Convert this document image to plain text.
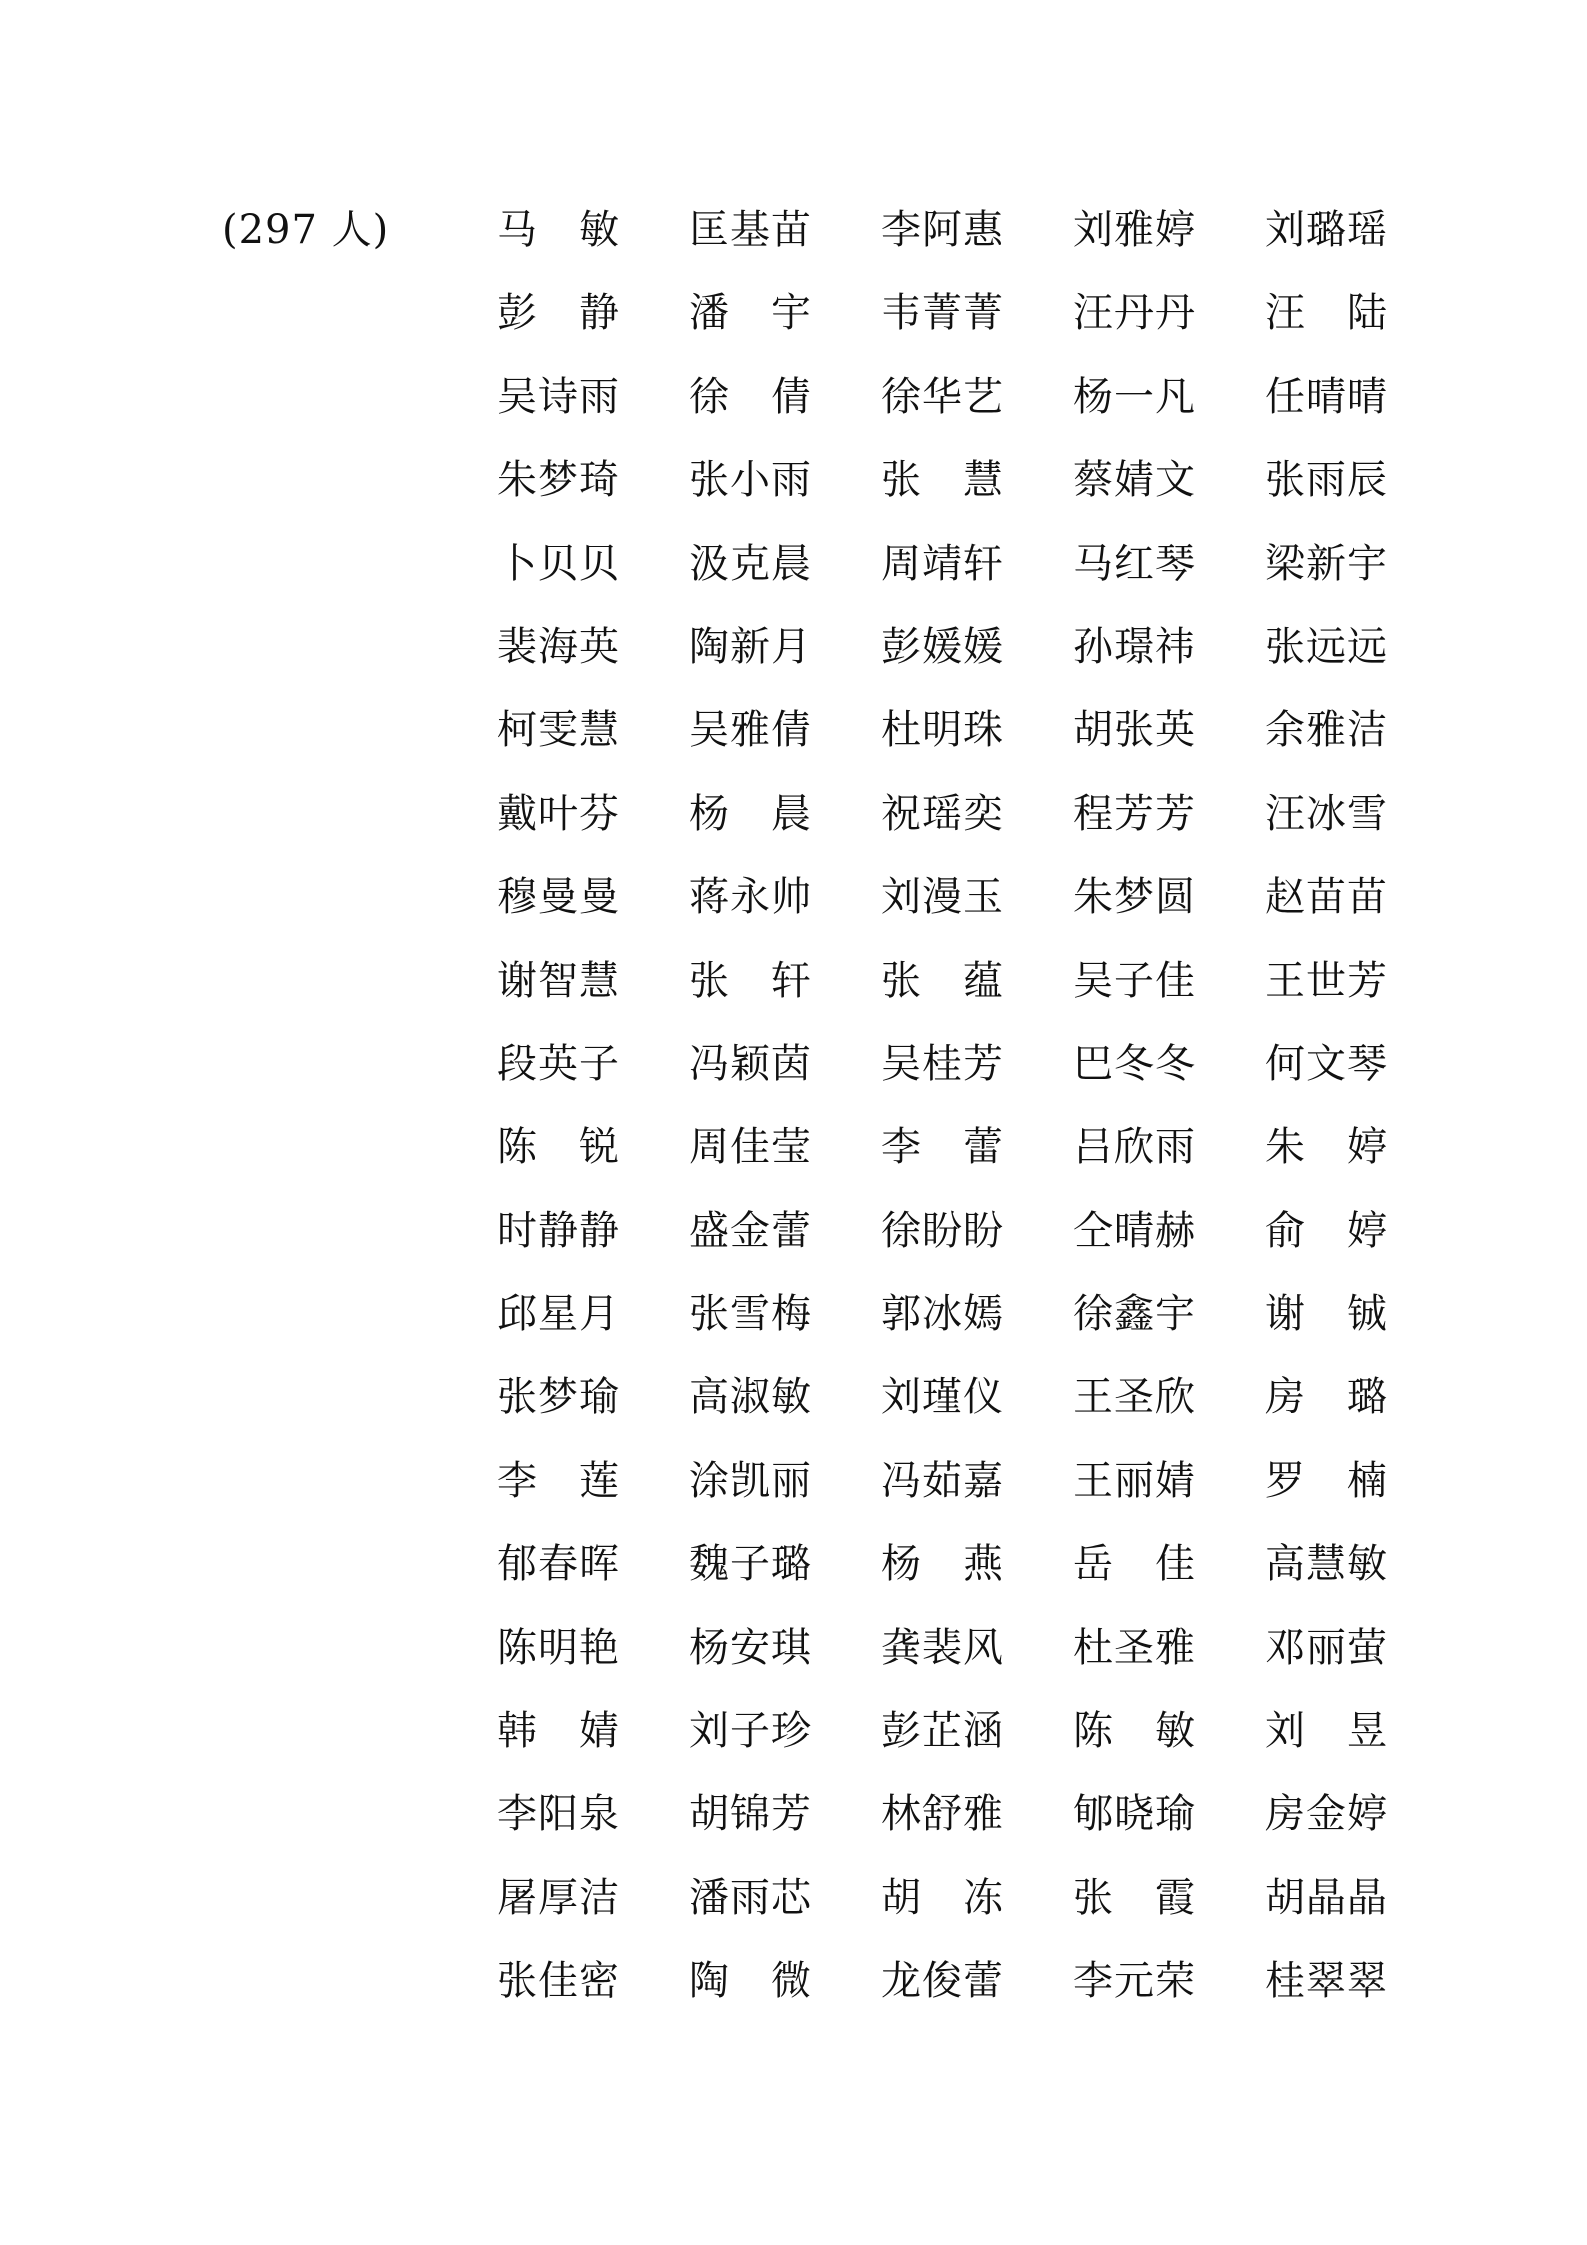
(297 人)	马　敏	匡基苗	李阿惠	刘雅婷	刘璐瑶
彭　静	潘　宇	韦菁菁	汪丹丹	汪　陆
吴诗雨	徐　倩	徐华艺	杨一凡	任晴晴
朱梦琦	张小雨	张　慧	蔡婧文	张雨辰
卜贝贝	汲克晨	周靖轩	马红琴	梁新宇
裴海英	陶新月	彭媛媛	孙璟祎	张远远
柯雯慧	吴雅倩	杜明珠	胡张英	余雅洁
戴叶芬	杨　晨	祝瑶奕	程芳芳	汪冰雪
穆曼曼	蒋永帅	刘漫玉	朱梦圆	赵苗苗
谢智慧	张　轩	张　蕴	吴子佳	王世芳
段英子	冯颖茵	吴桂芳	巴冬冬	何文琴
陈　锐	周佳莹	李　蕾	吕欣雨	朱　婷
时静静	盛金蕾	徐盼盼	仝晴赫	俞　婷
邱星月	张雪梅	郭冰嫣	徐鑫宇	谢　铖
张梦瑜	高淑敏	刘瑾仪	王圣欣	房　璐
李　莲	涂凯丽	冯茹嘉	王丽婧	罗　楠
郁春晖	魏子璐	杨　燕	岳　佳	高慧敏
陈明艳	杨安琪	龚裴风	杜圣雅	邓丽萤
韩　婧	刘子珍	彭芷涵	陈　敏	刘　昱
李阳泉	胡锦芳	林舒雅	郇晓瑜	房金婷
屠厚洁	潘雨芯	胡　冻	张　霞	胡晶晶
张佳密	陶　微	龙俊蕾	李元荣	桂翠翠
